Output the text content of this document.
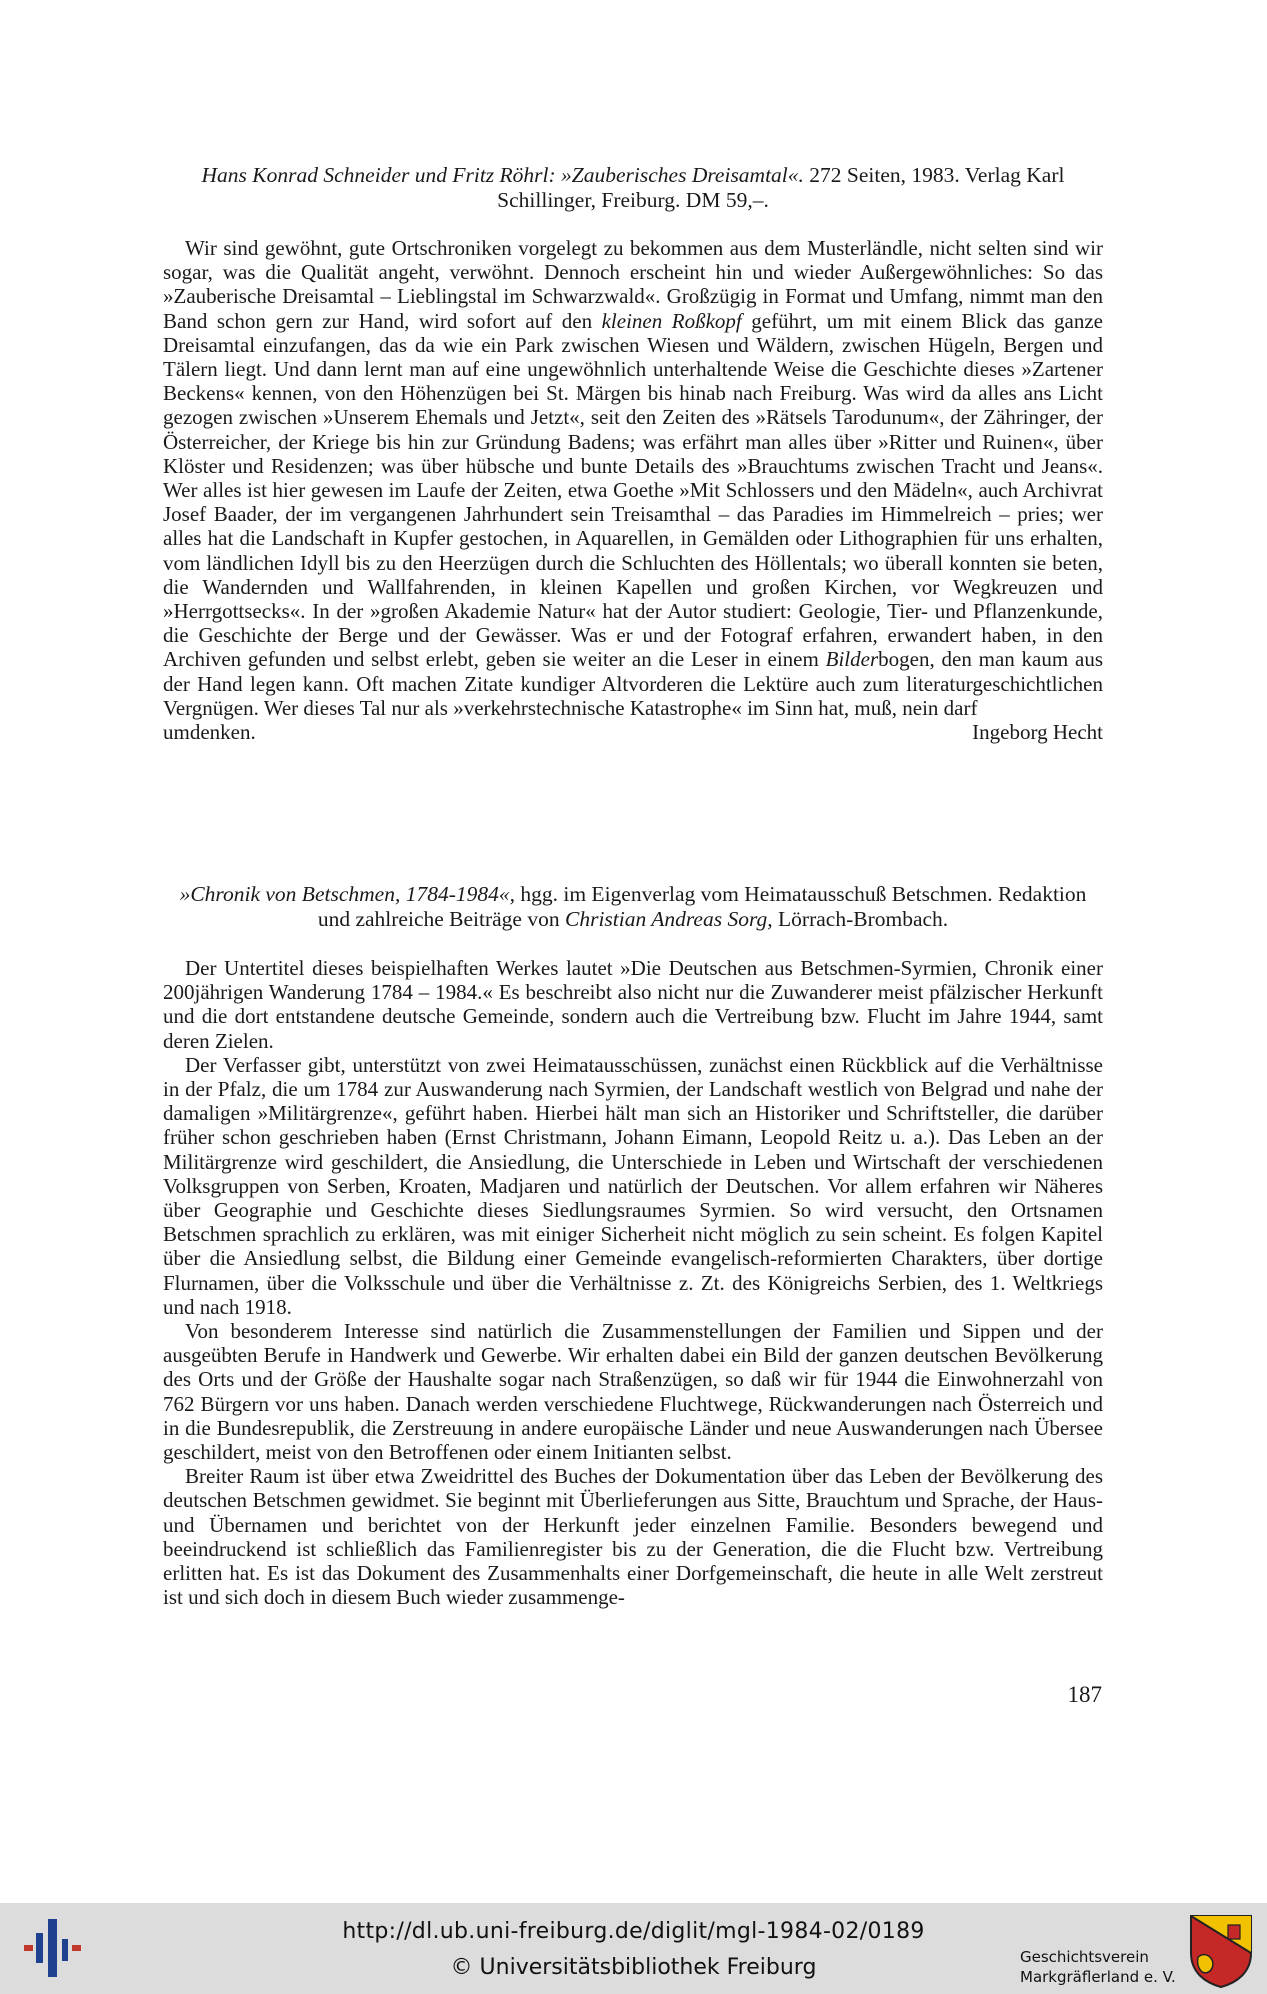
Hans Konrad Schneider und Fritz Röhrl: »Zauberisches Dreisamtal«. 272 Seiten, 1983. Verlag Karl Schillinger, Freiburg. DM 59,–.

Wir sind gewöhnt, gute Ortschroniken vorgelegt zu bekommen aus dem Musterländle, nicht selten sind wir sogar, was die Qualität angeht, verwöhnt. Dennoch erscheint hin und wieder Außergewöhnliches: So das »Zauberische Dreisamtal – Lieblingstal im Schwarzwald«. Großzügig in Format und Umfang, nimmt man den Band schon gern zur Hand, wird sofort auf den kleinen Roßkopf geführt, um mit einem Blick das ganze Dreisamtal einzufangen, das da wie ein Park zwischen Wiesen und Wäldern, zwischen Hügeln, Bergen und Tälern liegt. Und dann lernt man auf eine ungewöhnlich unterhaltende Weise die Geschichte dieses »Zartener Beckens« kennen, von den Höhenzügen bei St. Märgen bis hinab nach Freiburg. Was wird da alles ans Licht gezogen zwischen »Unserem Ehemals und Jetzt«, seit den Zeiten des »Rätsels Tarodunum«, der Zähringer, der Österreicher, der Kriege bis hin zur Gründung Badens; was erfährt man alles über »Ritter und Ruinen«, über Klöster und Residenzen; was über hübsche und bunte Details des »Brauchtums zwischen Tracht und Jeans«. Wer alles ist hier gewesen im Laufe der Zeiten, etwa Goethe »Mit Schlossers und den Mädeln«, auch Archivrat Josef Baader, der im vergangenen Jahrhundert sein Treisamthal – das Paradies im Himmelreich – pries; wer alles hat die Landschaft in Kupfer gestochen, in Aquarellen, in Gemälden oder Lithographien für uns erhalten, vom ländlichen Idyll bis zu den Heerzügen durch die Schluchten des Höllentals; wo überall konnten sie beten, die Wandernden und Wallfahrenden, in kleinen Kapellen und großen Kirchen, vor Wegkreuzen und »Herrgottsecks«. In der »großen Akademie Natur« hat der Autor studiert: Geologie, Tier- und Pflanzenkunde, die Geschichte der Berge und der Gewässer. Was er und der Fotograf erfahren, erwandert haben, in den Archiven gefunden und selbst erlebt, geben sie weiter an die Leser in einem Bilderbogen, den man kaum aus der Hand legen kann. Oft machen Zitate kundiger Altvorderen die Lektüre auch zum literaturgeschichtlichen Vergnügen. Wer dieses Tal nur als »verkehrstechnische Katastrophe« im Sinn hat, muß, nein darf

umdenken.	Ingeborg Hecht
»Chronik von Betschmen, 1784-1984«, hgg. im Eigenverlag vom Heimatausschuß Betschmen. Redaktion und zahlreiche Beiträge von Christian Andreas Sorg, Lörrach-Brombach.

Der Untertitel dieses beispielhaften Werkes lautet »Die Deutschen aus Betschmen-Syrmien, Chronik einer 200jährigen Wanderung 1784 – 1984.« Es beschreibt also nicht nur die Zuwanderer meist pfälzischer Herkunft und die dort entstandene deutsche Gemeinde, sondern auch die Vertreibung bzw. Flucht im Jahre 1944, samt deren Zielen.

Der Verfasser gibt, unterstützt von zwei Heimatausschüssen, zunächst einen Rückblick auf die Verhältnisse in der Pfalz, die um 1784 zur Auswanderung nach Syrmien, der Landschaft westlich von Belgrad und nahe der damaligen »Militärgrenze«, geführt haben. Hierbei hält man sich an Historiker und Schriftsteller, die darüber früher schon geschrieben haben (Ernst Christmann, Johann Eimann, Leopold Reitz u. a.). Das Leben an der Militärgrenze wird geschildert, die Ansiedlung, die Unterschiede in Leben und Wirtschaft der verschiedenen Volksgruppen von Serben, Kroaten, Madjaren und natürlich der Deutschen. Vor allem erfahren wir Näheres über Geographie und Geschichte dieses Siedlungsraumes Syrmien. So wird versucht, den Ortsnamen Betschmen sprachlich zu erklären, was mit einiger Sicherheit nicht möglich zu sein scheint. Es folgen Kapitel über die Ansiedlung selbst, die Bildung einer Gemeinde evangelisch-reformierten Charakters, über dortige Flurnamen, über die Volksschule und über die Verhältnisse z. Zt. des Königreichs Serbien, des 1. Weltkriegs und nach 1918.

Von besonderem Interesse sind natürlich die Zusammenstellungen der Familien und Sippen und der ausgeübten Berufe in Handwerk und Gewerbe. Wir erhalten dabei ein Bild der ganzen deutschen Bevölkerung des Orts und der Größe der Haushalte sogar nach Straßenzügen, so daß wir für 1944 die Einwohnerzahl von 762 Bürgern vor uns haben. Danach werden verschiedene Fluchtwege, Rückwanderungen nach Österreich und in die Bundesrepublik, die Zerstreuung in andere europäische Länder und neue Auswanderungen nach Übersee geschildert, meist von den Betroffenen oder einem Initianten selbst.

Breiter Raum ist über etwa Zweidrittel des Buches der Dokumentation über das Leben der Bevölkerung des deutschen Betschmen gewidmet. Sie beginnt mit Überlieferungen aus Sitte, Brauchtum und Sprache, der Haus- und Übernamen und berichtet von der Herkunft jeder einzelnen Familie. Besonders bewegend und beeindruckend ist schließlich das Familienregister bis zu der Generation, die die Flucht bzw. Vertreibung erlitten hat. Es ist das Dokument des Zusammenhalts einer Dorfgemeinschaft, die heute in alle Welt zerstreut ist und sich doch in diesem Buch wieder zusammenge-

187
http://dl.ub.uni-freiburg.de/diglit/mgl-1984-02/0189
© Universitätsbibliothek Freiburg	Geschichtsverein
Markgräflerland e. V.
